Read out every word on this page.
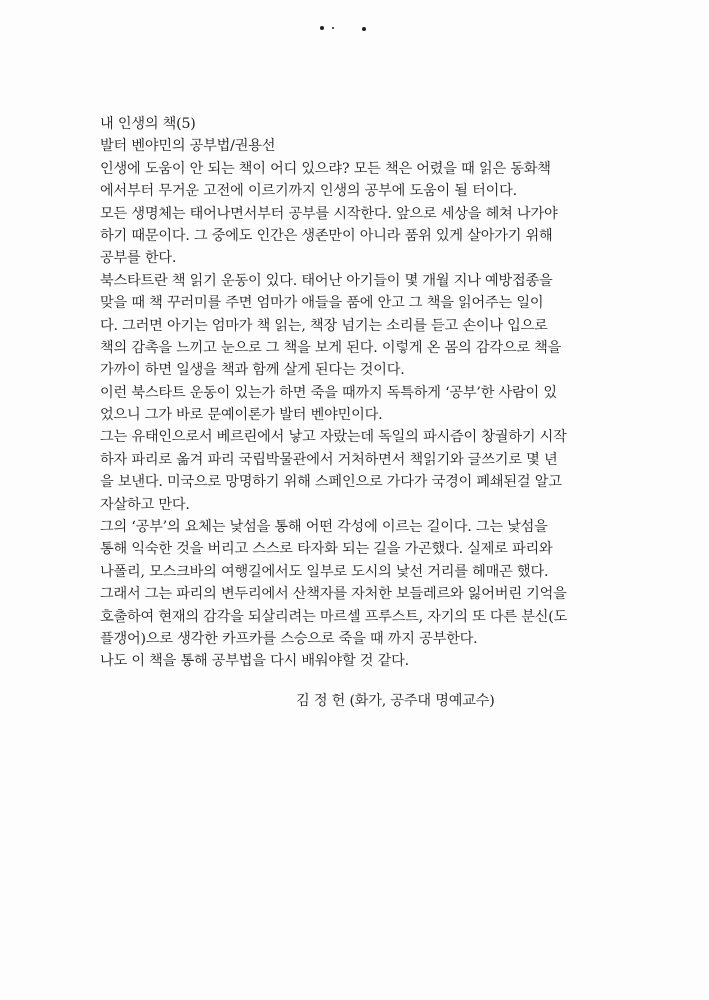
내 인생의 책(5)
발터 벤야민의 공부법/권용선
인생에 도움이 안 되는 책이 어디 있으랴? 모든 책은 어렸을 때 읽은 동화책
에서부터 무거운 고전에 이르기까지 인생의 공부에 도움이 될 터이다.
모든 생명체는 태어나면서부터 공부를 시작한다. 앞으로 세상을 헤쳐 나가야
하기 때문이다. 그 중에도 인간은 생존만이 아니라 품위 있게 살아가기 위해
공부를 한다.
북스타트란 책 읽기 운동이 있다. 태어난 아기들이 몇 개월 지나 예방접종을
맞을 때 책 꾸러미를 주면 엄마가 애들을 품에 안고 그 책을 읽어주는 일이
다. 그러면 아기는 엄마가 책 읽는, 책장 넘기는 소리를 듣고 손이나 입으로
책의 감촉을 느끼고 눈으로 그 책을 보게 된다. 이렇게 온 몸의 감각으로 책을
가까이 하면 일생을 책과 함께 살게 된다는 것이다.
이런 북스타트 운동이 있는가 하면 죽을 때까지 독특하게 ‘공부’한 사람이 있
었으니 그가 바로 문예이론가 발터 벤야민이다.
그는 유태인으로서 베르린에서 낳고 자랐는데 독일의 파시즘이 창궐하기 시작
하자 파리로 옮겨 파리 국립박물관에서 거처하면서 책읽기와 글쓰기로 몇 년
을 보낸다. 미국으로 망명하기 위해 스페인으로 가다가 국경이 폐쇄된걸 알고
자살하고 만다.
그의 ‘공부’의 요체는 낯섬을 통해 어떤 각성에 이르는 길이다. 그는 낯섬을
통해 익숙한 것을 버리고 스스로 타자화 되는 길을 가곤했다. 실제로 파리와
나폴리, 모스크바의 여행길에서도 일부로 도시의 낯선 거리를 헤매곤 했다.
그래서 그는 파리의 변두리에서 산책자를 자처한 보들레르와 잃어버린 기억을
호출하여 현재의 감각을 되살리려는 마르셀 프루스트, 자기의 또 다른 분신(도
플갱어)으로 생각한 카프카를 스승으로 죽을 때 까지 공부한다.
나도 이 책을 통해 공부법을 다시 배워야할 것 같다.
김 정 헌 (화가, 공주대 명예교수)
